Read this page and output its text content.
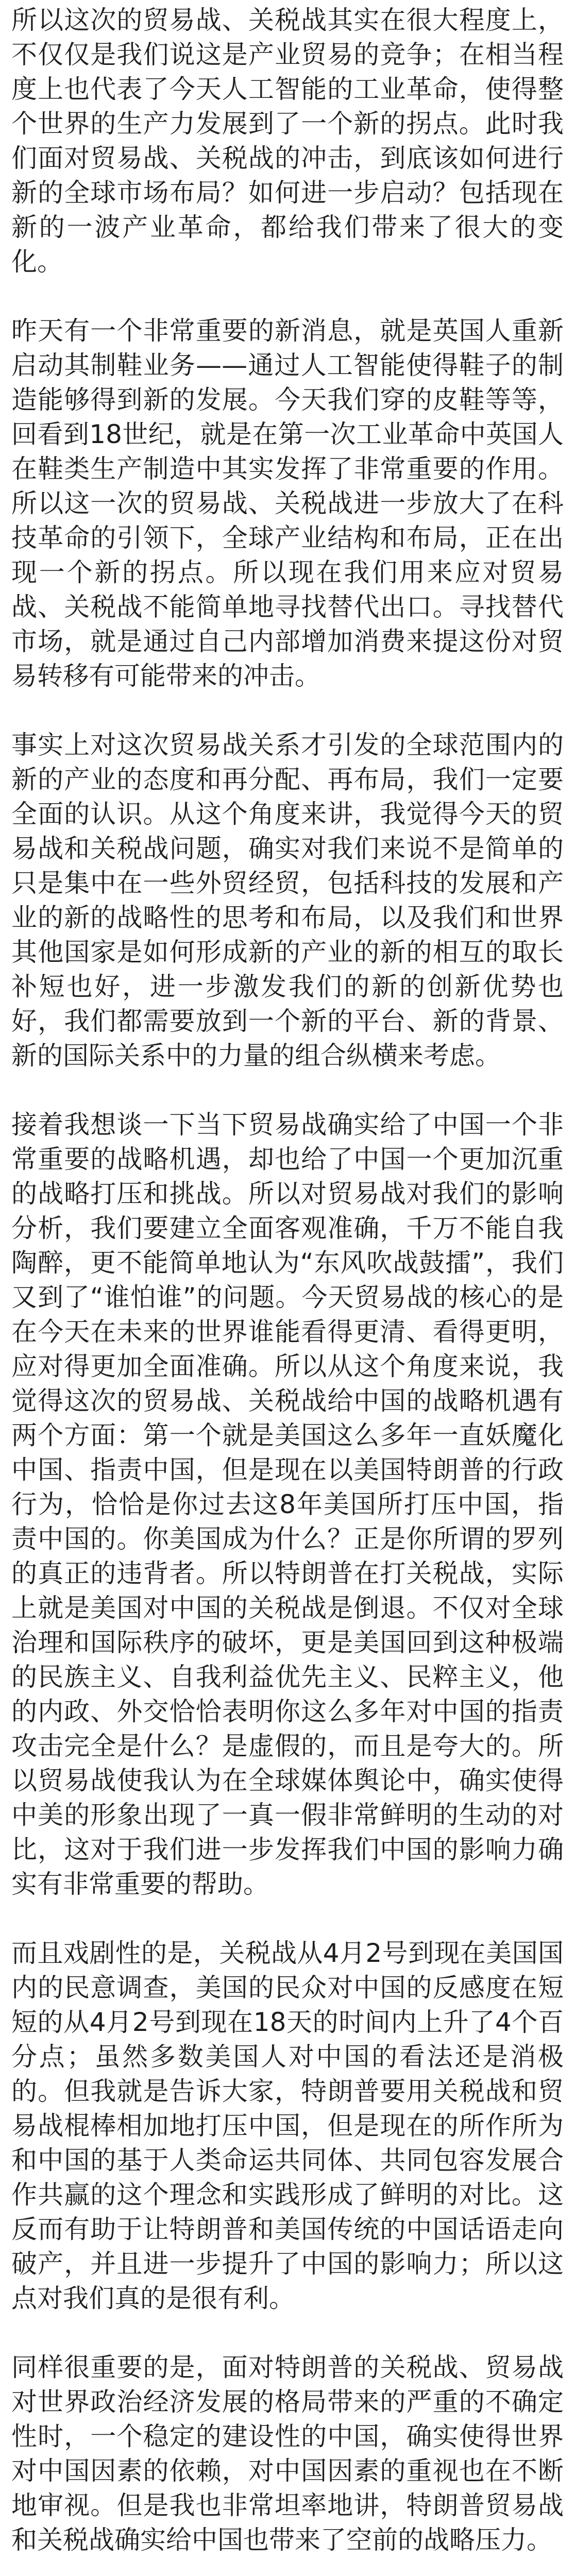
所以这次的贸易战、关税战其实在很大程度上，不仅仅是我们说这是产业贸易的竞争；在相当程度上也代表了今天人工智能的工业革命，使得整个世界的生产力发展到了一个新的拐点。此时我们面对贸易战、关税战的冲击，到底该如何进行新的全球市场布局？如何进一步启动？包括现在新的一波产业革命，都给我们带来了很大的变化。

昨天有一个非常重要的新消息，就是英国人重新启动其制鞋业务——通过人工智能使得鞋子的制造能够得到新的发展。今天我们穿的皮鞋等等，回看到18世纪，就是在第一次工业革命中英国人在鞋类生产制造中其实发挥了非常重要的作用。所以这一次的贸易战、关税战进一步放大了在科技革命的引领下，全球产业结构和布局，正在出现一个新的拐点。所以现在我们用来应对贸易战、关税战不能简单地寻找替代出口。寻找替代市场，就是通过自己内部增加消费来提这份对贸易转移有可能带来的冲击。

事实上对这次贸易战关系才引发的全球范围内的新的产业的态度和再分配、再布局，我们一定要全面的认识。从这个角度来讲，我觉得今天的贸易战和关税战问题，确实对我们来说不是简单的只是集中在一些外贸经贸，包括科技的发展和产业的新的战略性的思考和布局，以及我们和世界其他国家是如何形成新的产业的新的相互的取长补短也好，进一步激发我们的新的创新优势也好，我们都需要放到一个新的平台、新的背景、新的国际关系中的力量的组合纵横来考虑。

接着我想谈一下当下贸易战确实给了中国一个非常重要的战略机遇，却也给了中国一个更加沉重的战略打压和挑战。所以对贸易战对我们的影响分析，我们要建立全面客观准确，千万不能自我陶醉，更不能简单地认为“东风吹战鼓擂”，我们又到了“谁怕谁”的问题。今天贸易战的核心的是在今天在未来的世界谁能看得更清、看得更明，应对得更加全面准确。所以从这个角度来说，我觉得这次的贸易战、关税战给中国的战略机遇有两个方面：第一个就是美国这么多年一直妖魔化中国、指责中国，但是现在以美国特朗普的行政行为，恰恰是你过去这8年美国所打压中国，指责中国的。你美国成为什么？正是你所谓的罗列的真正的违背者。所以特朗普在打关税战，实际上就是美国对中国的关税战是倒退。不仅对全球治理和国际秩序的破坏，更是美国回到这种极端的民族主义、自我利益优先主义、民粹主义，他的内政、外交恰恰表明你这么多年对中国的指责攻击完全是什么？是虚假的，而且是夸大的。所以贸易战使我认为在全球媒体舆论中，确实使得中美的形象出现了一真一假非常鲜明的生动的对比，这对于我们进一步发挥我们中国的影响力确实有非常重要的帮助。

而且戏剧性的是，关税战从4月2号到现在美国国内的民意调查，美国的民众对中国的反感度在短短的从4月2号到现在18天的时间内上升了4个百分点；虽然多数美国人对中国的看法还是消极的。但我就是告诉大家，特朗普要用关税战和贸易战棍棒相加地打压中国，但是现在的所作所为和中国的基于人类命运共同体、共同包容发展合作共赢的这个理念和实践形成了鲜明的对比。这反而有助于让特朗普和美国传统的中国话语走向破产，并且进一步提升了中国的影响力；所以这点对我们真的是很有利。

同样很重要的是，面对特朗普的关税战、贸易战对世界政治经济发展的格局带来的严重的不确定性时，一个稳定的建设性的中国，确实使得世界对中国因素的依赖，对中国因素的重视也在不断地审视。但是我也非常坦率地讲，特朗普贸易战和关税战确实给中国也带来了空前的战略压力。
